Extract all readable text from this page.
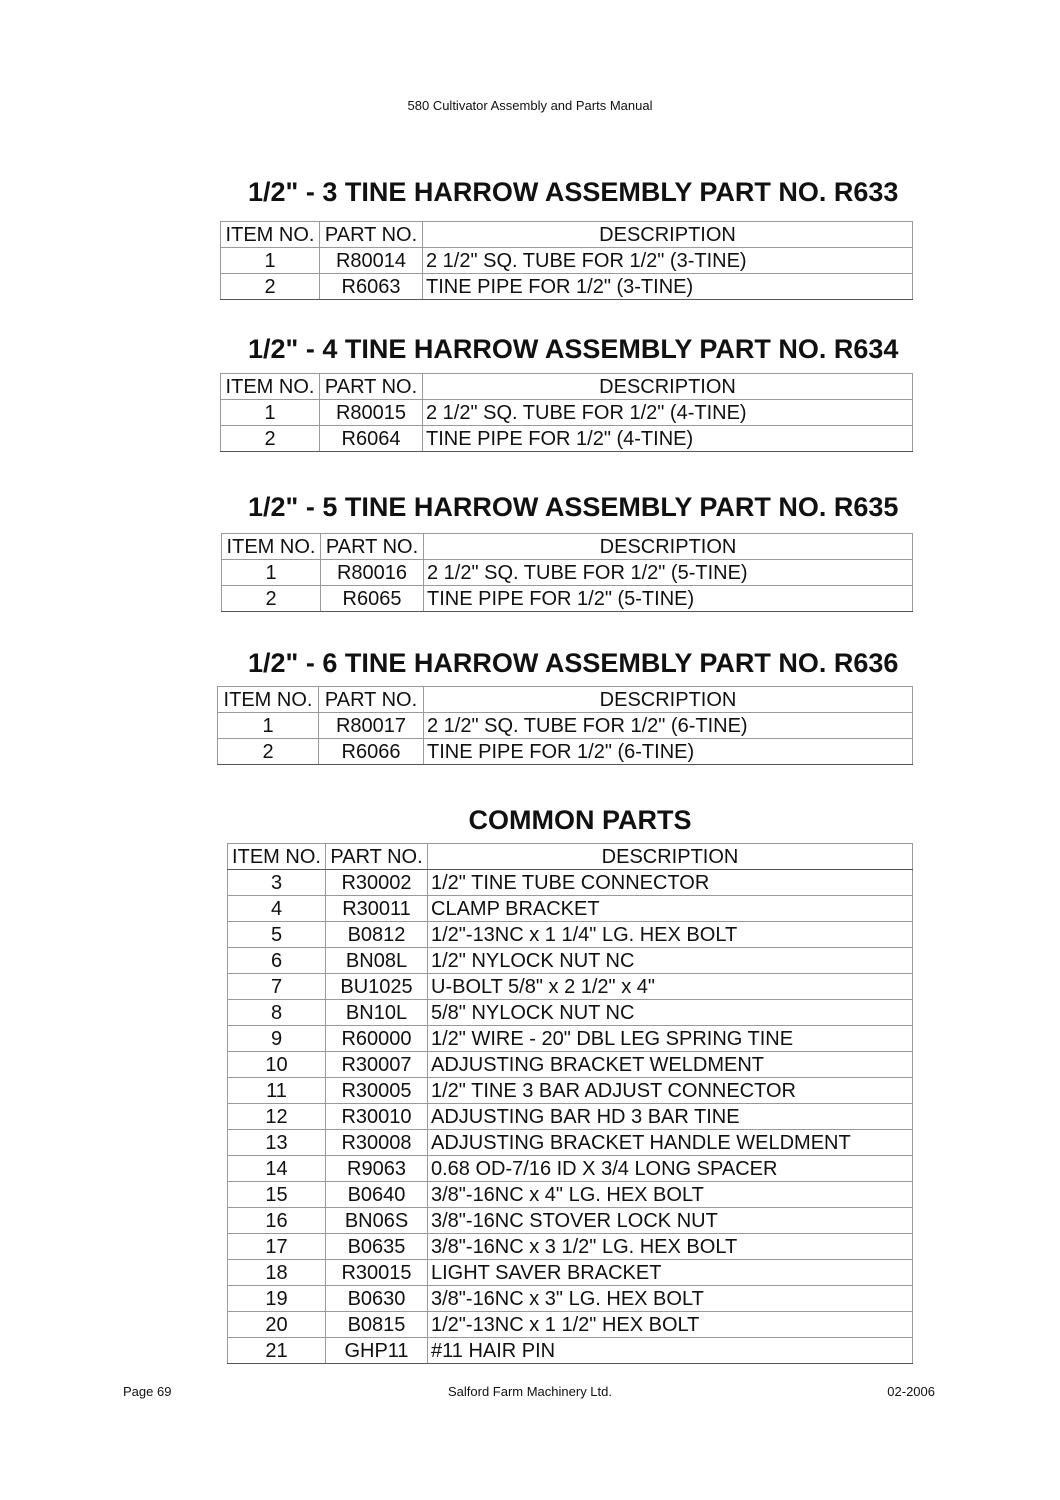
580 Cultivator Assembly and Parts Manual
1/2" - 3 TINE HARROW ASSEMBLY PART NO. R633
ITEM NO.	PART NO.	DESCRIPTION
1	R80014	2 1/2" SQ. TUBE FOR 1/2" (3-TINE)
2	R6063	TINE PIPE FOR 1/2" (3-TINE)
1/2" - 4 TINE HARROW ASSEMBLY PART NO. R634
ITEM NO.	PART NO.	DESCRIPTION
1	R80015	2 1/2" SQ. TUBE FOR 1/2" (4-TINE)
2	R6064	TINE PIPE FOR 1/2" (4-TINE)
1/2" - 5 TINE HARROW ASSEMBLY PART NO. R635
ITEM NO.	PART NO.	DESCRIPTION
1	R80016	2 1/2" SQ. TUBE FOR 1/2" (5-TINE)
2	R6065	TINE PIPE FOR 1/2" (5-TINE)
1/2" - 6 TINE HARROW ASSEMBLY PART NO. R636
ITEM NO.	PART NO.	DESCRIPTION
1	R80017	2 1/2" SQ. TUBE FOR 1/2" (6-TINE)
2	R6066	TINE PIPE FOR 1/2" (6-TINE)
COMMON PARTS
ITEM NO.	PART NO.	DESCRIPTION
3	R30002	1/2" TINE TUBE CONNECTOR
4	R30011	CLAMP BRACKET
5	B0812	1/2"-13NC x 1 1/4" LG. HEX BOLT
6	BN08L	1/2" NYLOCK NUT NC
7	BU1025	U-BOLT 5/8" x 2 1/2" x 4"
8	BN10L	5/8" NYLOCK NUT NC
9	R60000	1/2" WIRE - 20" DBL LEG SPRING TINE
10	R30007	ADJUSTING BRACKET WELDMENT
11	R30005	1/2" TINE 3 BAR ADJUST CONNECTOR
12	R30010	ADJUSTING BAR HD 3 BAR TINE
13	R30008	ADJUSTING BRACKET HANDLE WELDMENT
14	R9063	0.68 OD-7/16 ID X 3/4 LONG SPACER
15	B0640	3/8"-16NC x 4" LG. HEX BOLT
16	BN06S	3/8"-16NC STOVER LOCK NUT
17	B0635	3/8"-16NC x 3 1/2" LG. HEX BOLT
18	R30015	LIGHT SAVER BRACKET
19	B0630	3/8"-16NC x 3" LG. HEX BOLT
20	B0815	1/2"-13NC x 1 1/2" HEX BOLT
21	GHP11	#11 HAIR PIN
Page 69	Salford Farm Machinery Ltd.	02-2006
